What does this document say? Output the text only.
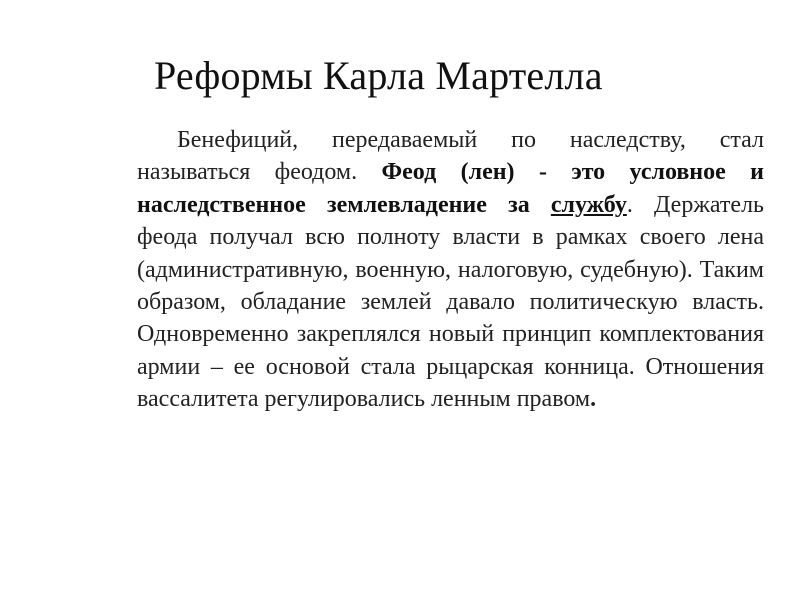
Реформы Карла Мартелла

Бенефиций, передаваемый по наследству, стал называться феодом. Феод (лен) - это условное и наследственное землевладение за службу. Держатель феода получал всю полноту власти в рамках своего лена (административную, военную, налоговую, судебную). Таким образом, обладание землей давало политическую власть. Одновременно закреплялся новый принцип комплектования армии – ее основой стала рыцарская конница. Отношения вассалитета регулировались ленным правом.
